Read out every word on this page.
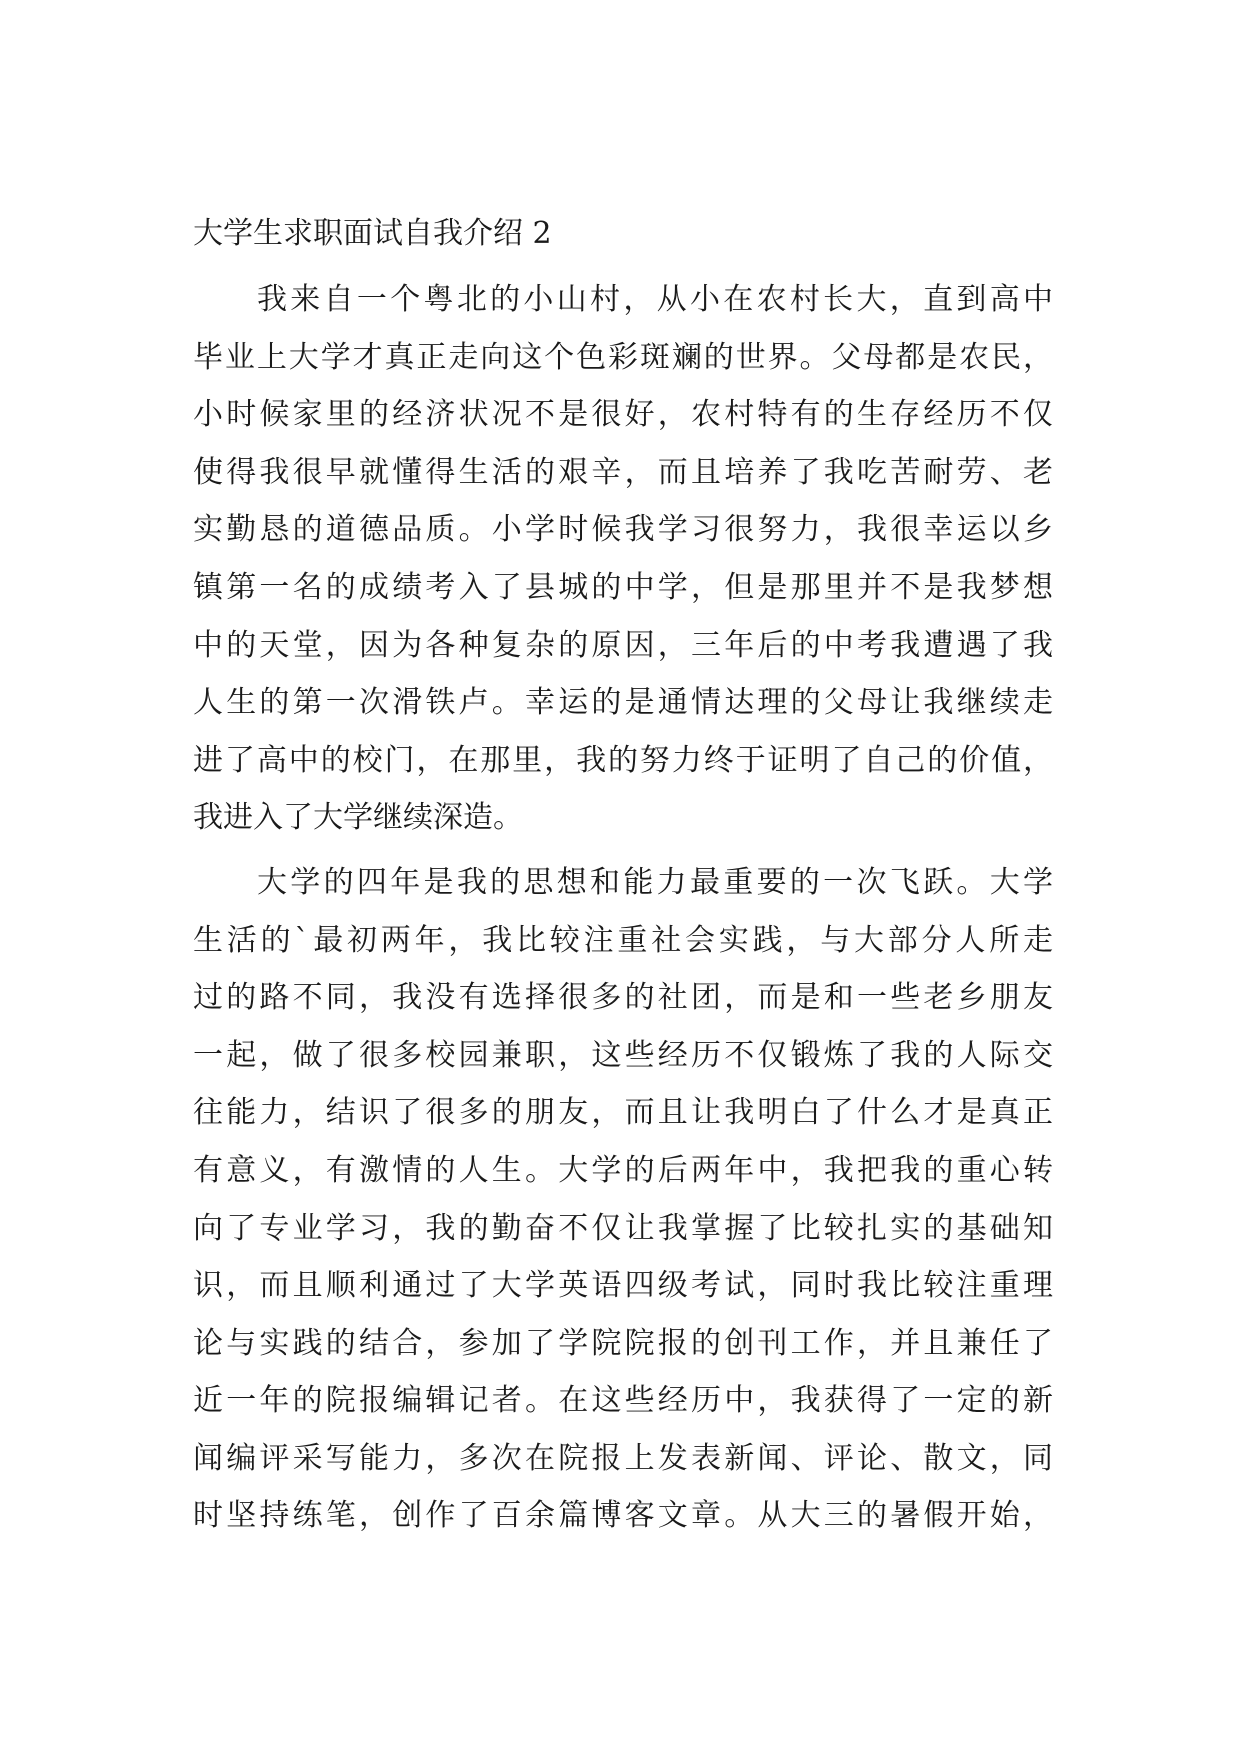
大学生求职面试自我介绍 2
我来自一个粤北的小山村，从小在农村长大，直到高中
毕业上大学才真正走向这个色彩斑斓的世界。父母都是农民，
小时候家里的经济状况不是很好，农村特有的生存经历不仅
使得我很早就懂得生活的艰辛，而且培养了我吃苦耐劳、老
实勤恳的道德品质。小学时候我学习很努力，我很幸运以乡
镇第一名的成绩考入了县城的中学，但是那里并不是我梦想
中的天堂，因为各种复杂的原因，三年后的中考我遭遇了我
人生的第一次滑铁卢。幸运的是通情达理的父母让我继续走
进了高中的校门，在那里，我的努力终于证明了自己的价值，
我进入了大学继续深造。
大学的四年是我的思想和能力最重要的一次飞跃。大学
生活的`最初两年，我比较注重社会实践，与大部分人所走
过的路不同，我没有选择很多的社团，而是和一些老乡朋友
一起，做了很多校园兼职，这些经历不仅锻炼了我的人际交
往能力，结识了很多的朋友，而且让我明白了什么才是真正
有意义，有激情的人生。大学的后两年中，我把我的重心转
向了专业学习，我的勤奋不仅让我掌握了比较扎实的基础知
识，而且顺利通过了大学英语四级考试，同时我比较注重理
论与实践的结合，参加了学院院报的创刊工作，并且兼任了
近一年的院报编辑记者。在这些经历中，我获得了一定的新
闻编评采写能力，多次在院报上发表新闻、评论、散文，同
时坚持练笔，创作了百余篇博客文章。从大三的暑假开始，
